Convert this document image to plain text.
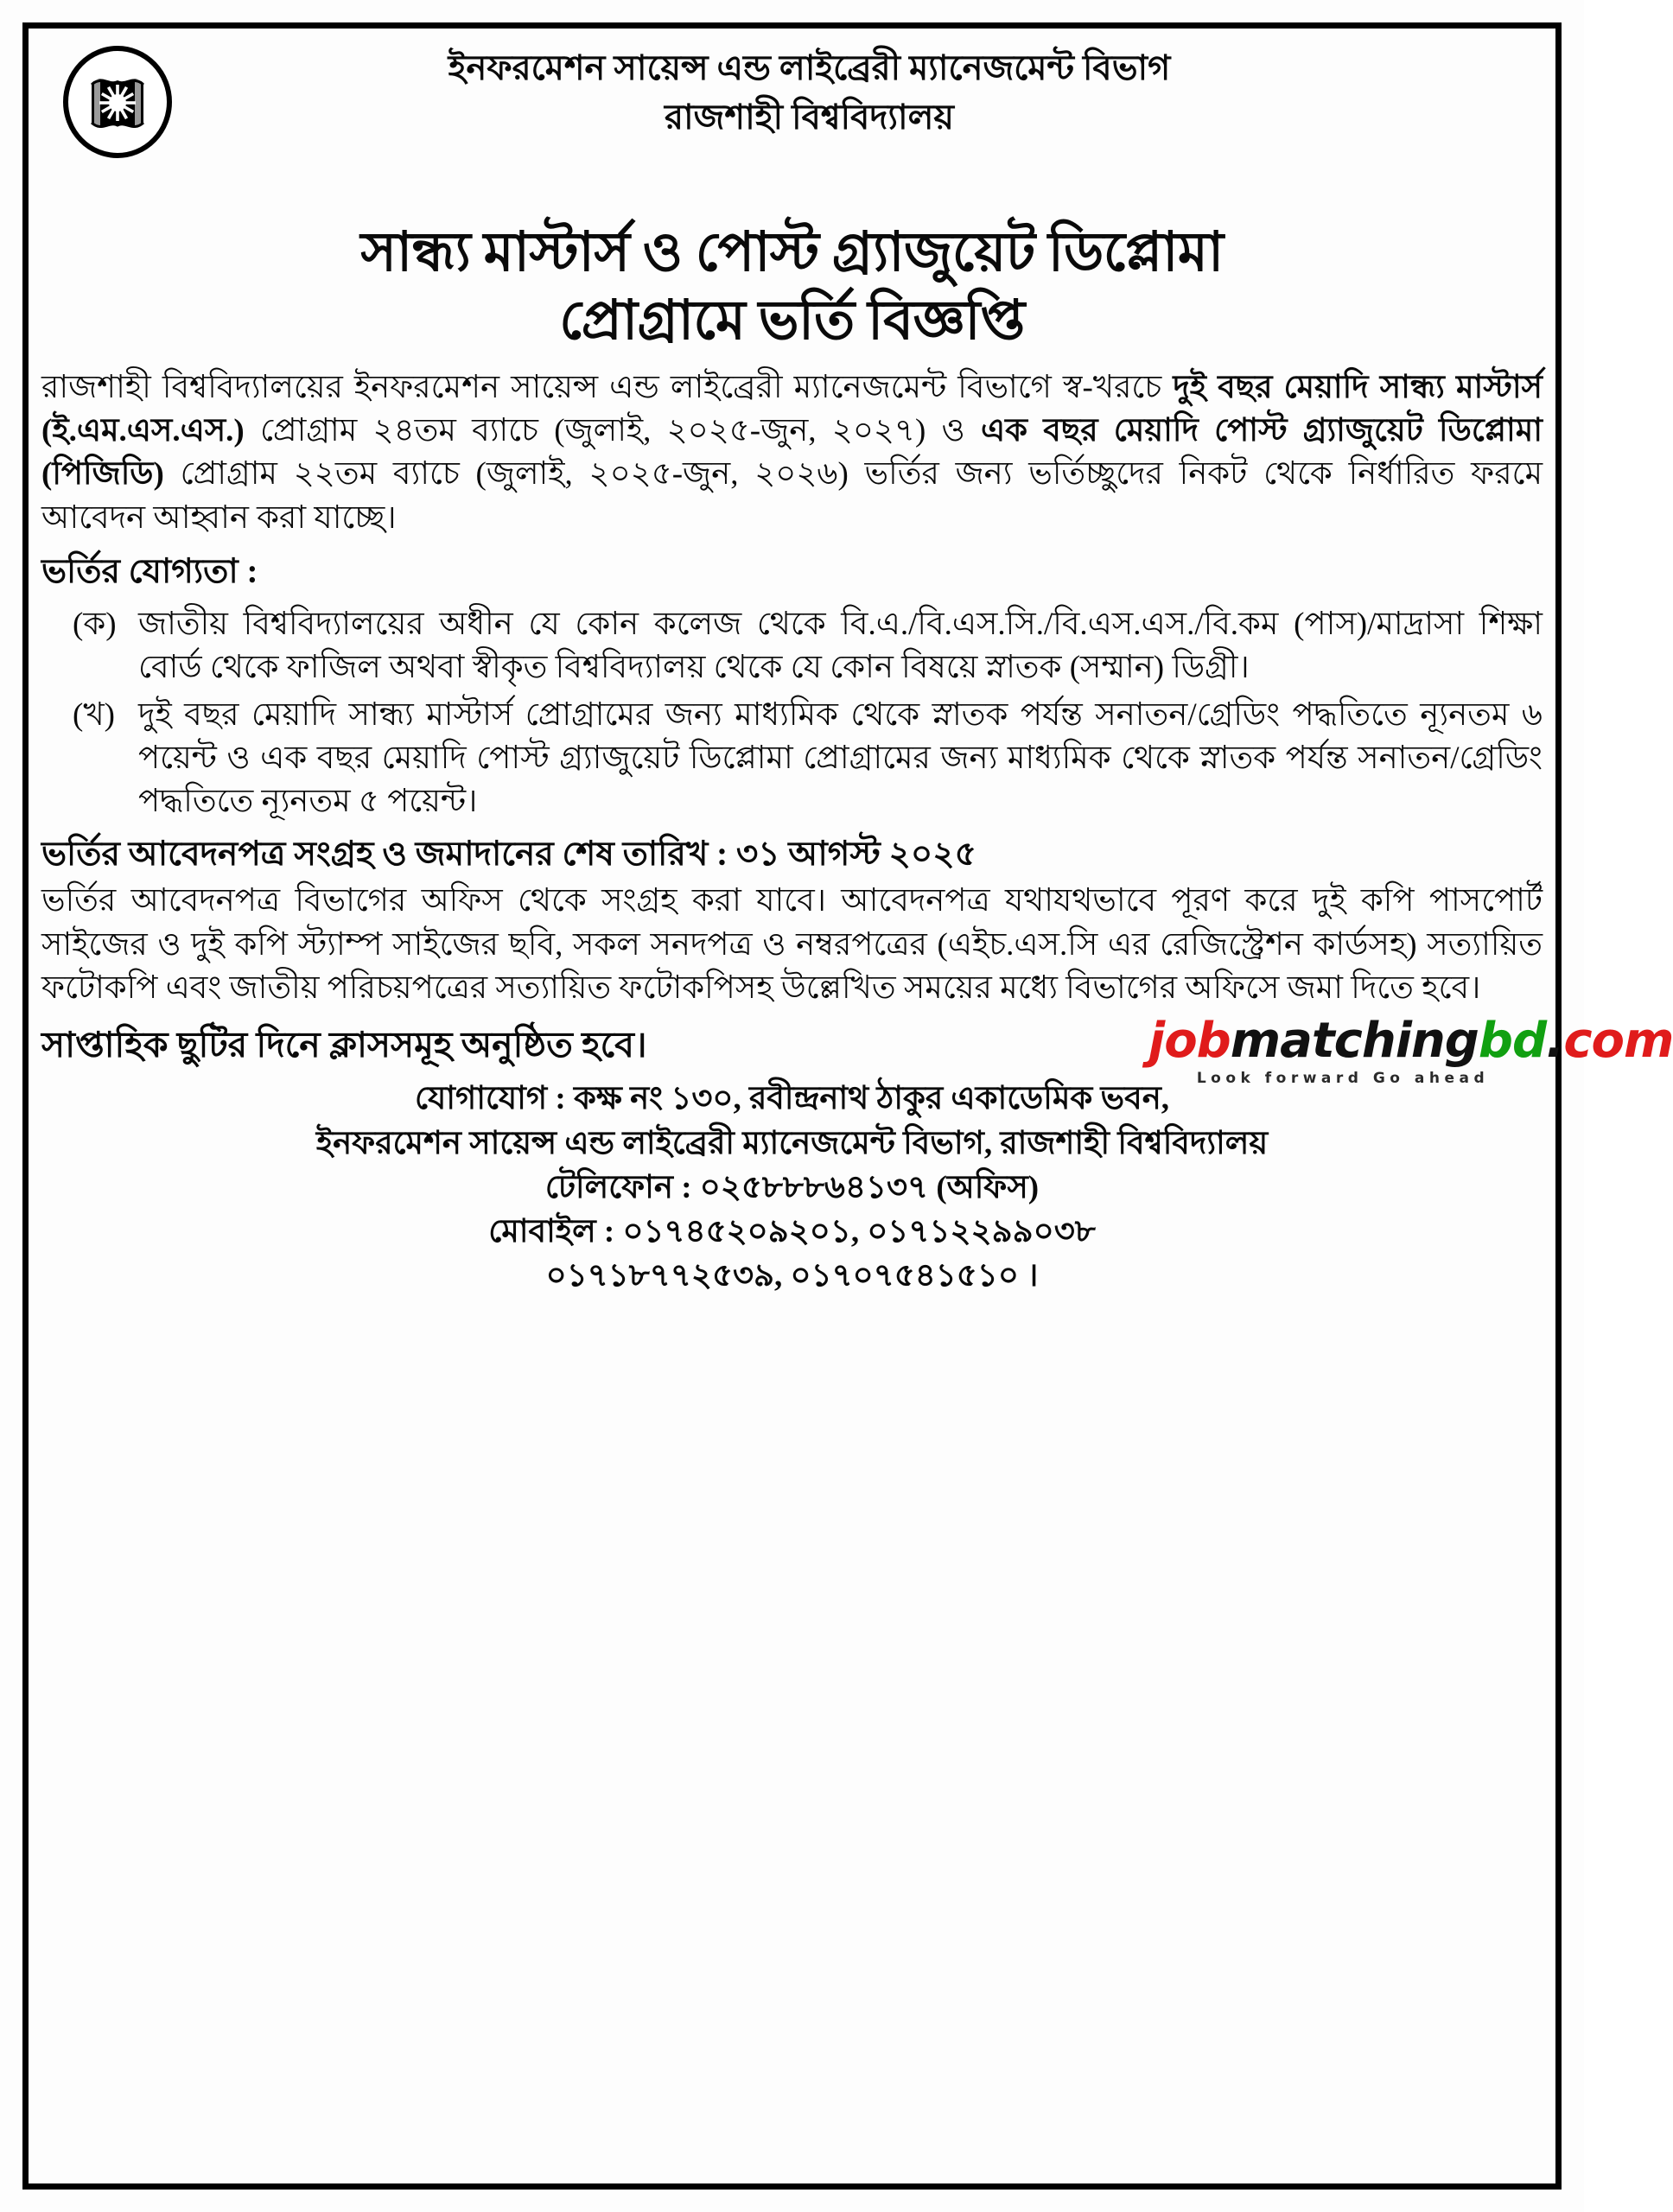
ইনফরমেশন সায়েন্স এন্ড লাইব্রেরী ম্যানেজমেন্ট বিভাগ
রাজশাহী বিশ্ববিদ্যালয়
সান্ধ্য মাস্টার্স ও পোস্ট গ্র্যাজুয়েট ডিপ্লোমা
প্রোগ্রামে ভর্তি বিজ্ঞপ্তি

রাজশাহী বিশ্ববিদ্যালয়ের ইনফরমেশন সায়েন্স এন্ড লাইব্রেরী ম্যানেজমেন্ট বিভাগে স্ব-খরচে দুই বছর মেয়াদি সান্ধ্য মাস্টার্স (ই.এম.এস.এস.) প্রোগ্রাম ২৪তম ব্যাচে (জুলাই, ২০২৫-জুন, ২০২৭) ও এক বছর মেয়াদি পোস্ট গ্র্যাজুয়েট ডিপ্লোমা (পিজিডি) প্রোগ্রাম ২২তম ব্যাচে (জুলাই, ২০২৫-জুন, ২০২৬) ভর্তির জন্য ভর্তিচ্ছুদের নিকট থেকে নির্ধারিত ফরমে আবেদন আহ্বান করা যাচ্ছে।

ভর্তির যোগ্যতা :
(ক) জাতীয় বিশ্ববিদ্যালয়ের অধীন যে কোন কলেজ থেকে বি.এ./বি.এস.সি./বি.এস.এস./বি.কম (পাস)/মাদ্রাসা শিক্ষা বোর্ড থেকে ফাজিল অথবা স্বীকৃত বিশ্ববিদ্যালয় থেকে যে কোন বিষয়ে স্নাতক (সম্মান) ডিগ্রী।
(খ) দুই বছর মেয়াদি সান্ধ্য মাস্টার্স প্রোগ্রামের জন্য মাধ্যমিক থেকে স্নাতক পর্যন্ত সনাতন/গ্রেডিং পদ্ধতিতে ন্যূনতম ৬ পয়েন্ট ও এক বছর মেয়াদি পোস্ট গ্র্যাজুয়েট ডিপ্লোমা প্রোগ্রামের জন্য মাধ্যমিক থেকে স্নাতক পর্যন্ত সনাতন/গ্রেডিং পদ্ধতিতে ন্যূনতম ৫ পয়েন্ট।
ভর্তির আবেদনপত্র সংগ্রহ ও জমাদানের শেষ তারিখ : ৩১ আগস্ট ২০২৫

ভর্তির আবেদনপত্র বিভাগের অফিস থেকে সংগ্রহ করা যাবে। আবেদনপত্র যথাযথভাবে পূরণ করে দুই কপি পাসপোর্ট সাইজের ও দুই কপি স্ট্যাম্প সাইজের ছবি, সকল সনদপত্র ও নম্বরপত্রের (এইচ.এস.সি এর রেজিস্ট্রেশন কার্ডসহ) সত্যায়িত ফটোকপি এবং জাতীয় পরিচয়পত্রের সত্যায়িত ফটোকপিসহ উল্লেখিত সময়ের মধ্যে বিভাগের অফিসে জমা দিতে হবে।

সাপ্তাহিক ছুটির দিনে ক্লাসসমূহ অনুষ্ঠিত হবে।	jobmatchingbd.com
Look forward Go ahead
যোগাযোগ : কক্ষ নং ১৩০, রবীন্দ্রনাথ ঠাকুর একাডেমিক ভবন,
ইনফরমেশন সায়েন্স এন্ড লাইব্রেরী ম্যানেজমেন্ট বিভাগ, রাজশাহী বিশ্ববিদ্যালয়
টেলিফোন : ০২৫৮৮৮৬৪১৩৭ (অফিস)
মোবাইল : ০১৭৪৫২০৯২০১, ০১৭১২২৯৯০৩৮
০১৭১৮৭৭২৫৩৯, ০১৭০৭৫৪১৫১০ ।
